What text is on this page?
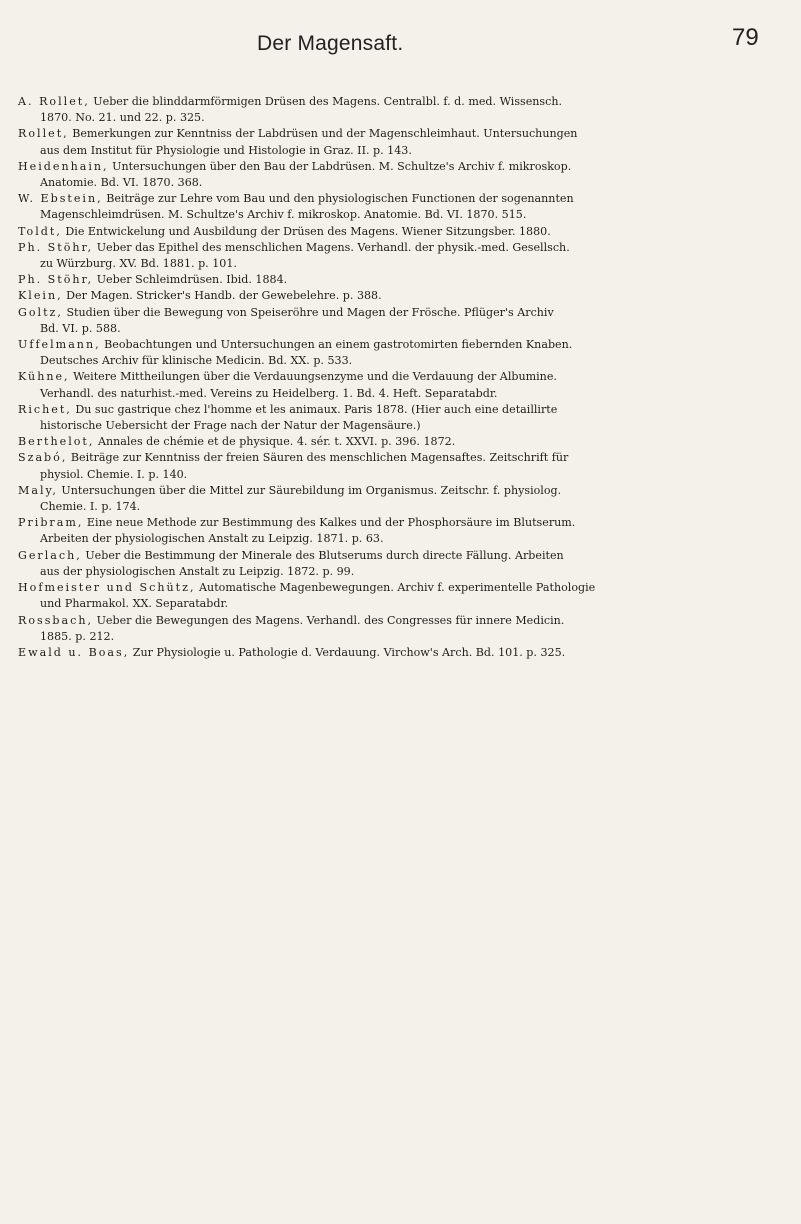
Der Magensaft.	79

A. Rollet, Ueber die blinddarmförmigen Drüsen des Magens. Centralbl. f. d. med. Wissensch.
1870. No. 21. und 22. p. 325.

Rollet, Bemerkungen zur Kenntniss der Labdrüsen und der Magenschleimhaut. Untersuchungen
aus dem Institut für Physiologie und Histologie in Graz. II. p. 143.

Heidenhain, Untersuchungen über den Bau der Labdrüsen. M. Schultze's Archiv f. mikroskop.
Anatomie. Bd. VI. 1870. 368.

W. Ebstein, Beiträge zur Lehre vom Bau und den physiologischen Functionen der sogenannten
Magenschleimdrüsen. M. Schultze's Archiv f. mikroskop. Anatomie. Bd. VI. 1870. 515.

Toldt, Die Entwickelung und Ausbildung der Drüsen des Magens. Wiener Sitzungsber. 1880.

Ph. Stöhr, Ueber das Epithel des menschlichen Magens. Verhandl. der physik.-med. Gesellsch.
zu Würzburg. XV. Bd. 1881. p. 101.

Ph. Stöhr, Ueber Schleimdrüsen. Ibid. 1884.

Klein, Der Magen. Stricker's Handb. der Gewebelehre. p. 388.

Goltz, Studien über die Bewegung von Speiseröhre und Magen der Frösche. Pflüger's Archiv
Bd. VI. p. 588.

Uffelmann, Beobachtungen und Untersuchungen an einem gastrotomirten fiebernden Knaben.
Deutsches Archiv für klinische Medicin. Bd. XX. p. 533.

Kühne, Weitere Mittheilungen über die Verdauungsenzyme und die Verdauung der Albumine.
Verhandl. des naturhist.-med. Vereins zu Heidelberg. 1. Bd. 4. Heft. Separatabdr.

Richet, Du suc gastrique chez l'homme et les animaux. Paris 1878. (Hier auch eine detaillirte
historische Uebersicht der Frage nach der Natur der Magensäure.)

Berthelot, Annales de chémie et de physique. 4. sér. t. XXVI. p. 396. 1872.

Szabó, Beiträge zur Kenntniss der freien Säuren des menschlichen Magensaftes. Zeitschrift für
physiol. Chemie. I. p. 140.

Maly, Untersuchungen über die Mittel zur Säurebildung im Organismus. Zeitschr. f. physiolog.
Chemie. I. p. 174.

Pribram, Eine neue Methode zur Bestimmung des Kalkes und der Phosphorsäure im Blutserum.
Arbeiten der physiologischen Anstalt zu Leipzig. 1871. p. 63.

Gerlach, Ueber die Bestimmung der Minerale des Blutserums durch directe Fällung. Arbeiten
aus der physiologischen Anstalt zu Leipzig. 1872. p. 99.

Hofmeister und Schütz, Automatische Magenbewegungen. Archiv f. experimentelle Pathologie
und Pharmakol. XX. Separatabdr.

Rossbach, Ueber die Bewegungen des Magens. Verhandl. des Congresses für innere Medicin.
1885. p. 212.

Ewald u. Boas, Zur Physiologie u. Pathologie d. Verdauung. Virchow's Arch. Bd. 101. p. 325.
